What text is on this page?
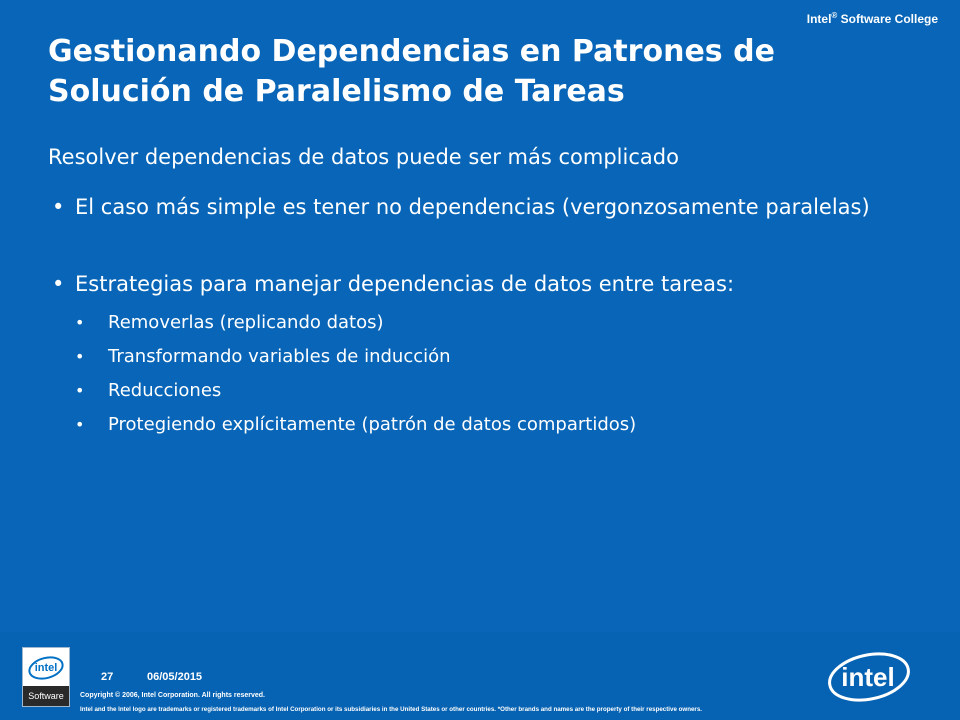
Intel® Software College
Gestionando Dependencias en Patrones de Solución de Paralelismo de Tareas

Resolver dependencias de datos puede ser más complicado

• El caso más simple es tener no dependencias (vergonzosamente paralelas)
• Estrategias para manejar dependencias de datos entre tareas:
• Removerlas (replicando datos)
• Transformando variables de inducción
• Reducciones
• Protegiendo explícitamente (patrón de datos compartidos)
intel
Software
27	06/05/2015
Copyright © 2006, Intel Corporation. All rights reserved.
Intel and the Intel logo are trademarks or registered trademarks of Intel Corporation or its subsidiaries in the United States or other countries. *Other brands and names are the property of their respective owners.
intel
